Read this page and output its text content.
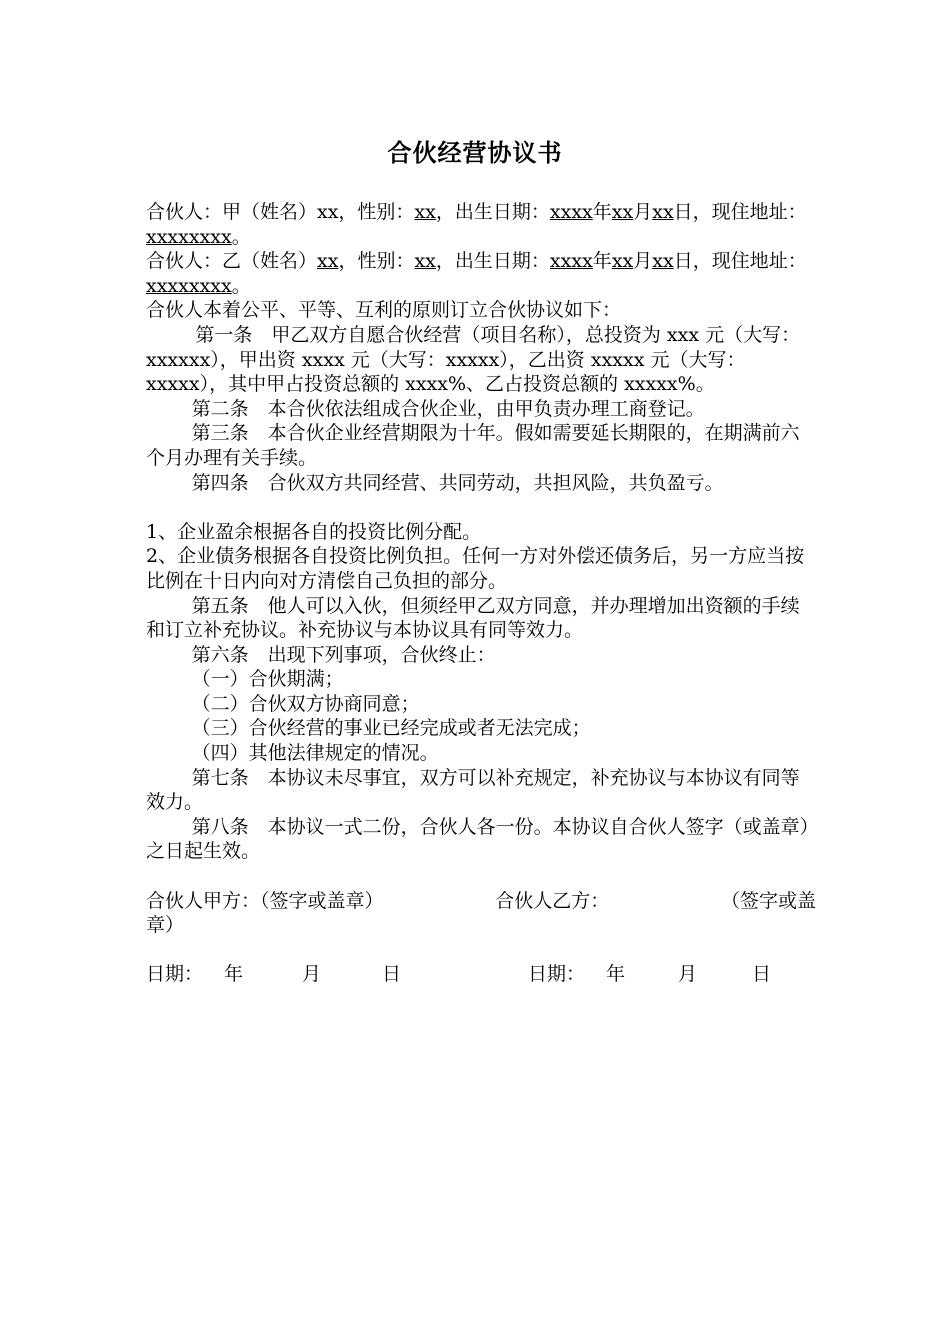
合伙经营协议书

合伙人：甲（姓名）xx，性别：xx，出生日期：xxxx年xx月xx日，现住地址：xxxxxxxx。

合伙人：乙（姓名）xx，性别：xx，出生日期：xxxx年xx月xx日，现住地址：xxxxxxxx。

合伙人本着公平、平等、互利的原则订立合伙协议如下：

第一条　甲乙双方自愿合伙经营（项目名称），总投资为 xxx 元（大写：xxxxxx），甲出资 xxxx 元（大写：xxxxx），乙出资 xxxxx 元（大写：xxxxx），其中甲占投资总额的 xxxx%、乙占投资总额的 xxxxx%。

第二条　本合伙依法组成合伙企业，由甲负责办理工商登记。

第三条　本合伙企业经营期限为十年。假如需要延长期限的，在期满前六个月办理有关手续。

第四条　合伙双方共同经营、共同劳动，共担风险，共负盈亏。

1、企业盈余根据各自的投资比例分配。

2、企业债务根据各自投资比例负担。任何一方对外偿还债务后，另一方应当按比例在十日内向对方清偿自己负担的部分。

第五条　他人可以入伙，但须经甲乙双方同意，并办理增加出资额的手续和订立补充协议。补充协议与本协议具有同等效力。

第六条　出现下列事项，合伙终止：

（一）合伙期满；

（二）合伙双方协商同意；

（三）合伙经营的事业已经完成或者无法完成；

（四）其他法律规定的情况。

第七条　本协议未尽事宜，双方可以补充规定，补充协议与本协议有同等效力。

第八条　本协议一式二份，合伙人各一份。本协议自合伙人签字（或盖章）之日起生效。

合伙人甲方：（签字或盖章）	合伙人乙方：	（签字或盖
章）
日期：	年	月	日	日期：	年	月	日
